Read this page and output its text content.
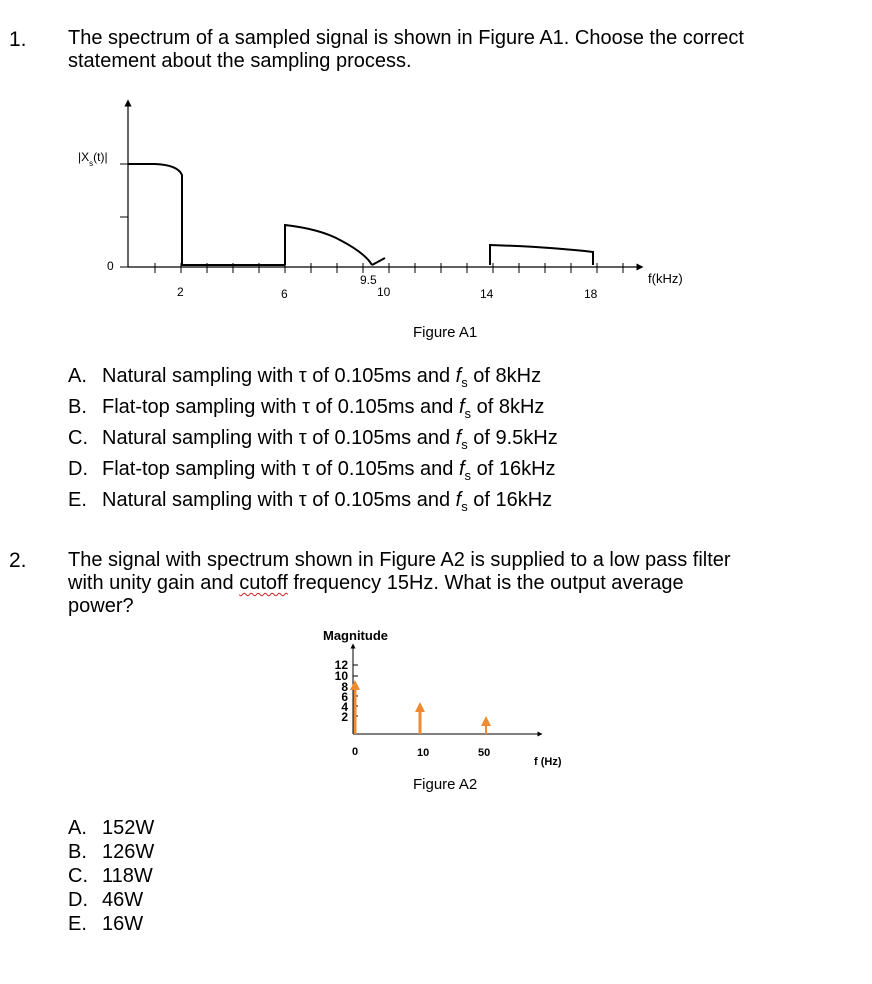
1. The spectrum of a sampled signal is shown in Figure A1. Choose the correct
statement about the sampling process.
$|X_s(t)|$
0
2	6
9.5
10	14	18
f(kHz)
Figure A1
A. Natural sampling with τ of 0.105ms and $f_s$ of 8kHz
B. Flat-top sampling with τ of 0.105ms and $f_s$ of 8kHz
C. Natural sampling with τ of 0.105ms and $f_s$ of 9.5kHz
D. Flat-top sampling with τ of 0.105ms and $f_s$ of 16kHz
E. Natural sampling with τ of 0.105ms and $f_s$ of 16kHz
2. The signal with spectrum shown in Figure A2 is supplied to a low pass filter
with unity gain and cutoff frequency 15Hz. What is the output average
power?
Magnitude
12
10
8
6
4
2
0	10	50
f (Hz)
Figure A2
A. 152W
B. 126W
C. 118W
D. 46W
E. 16W
